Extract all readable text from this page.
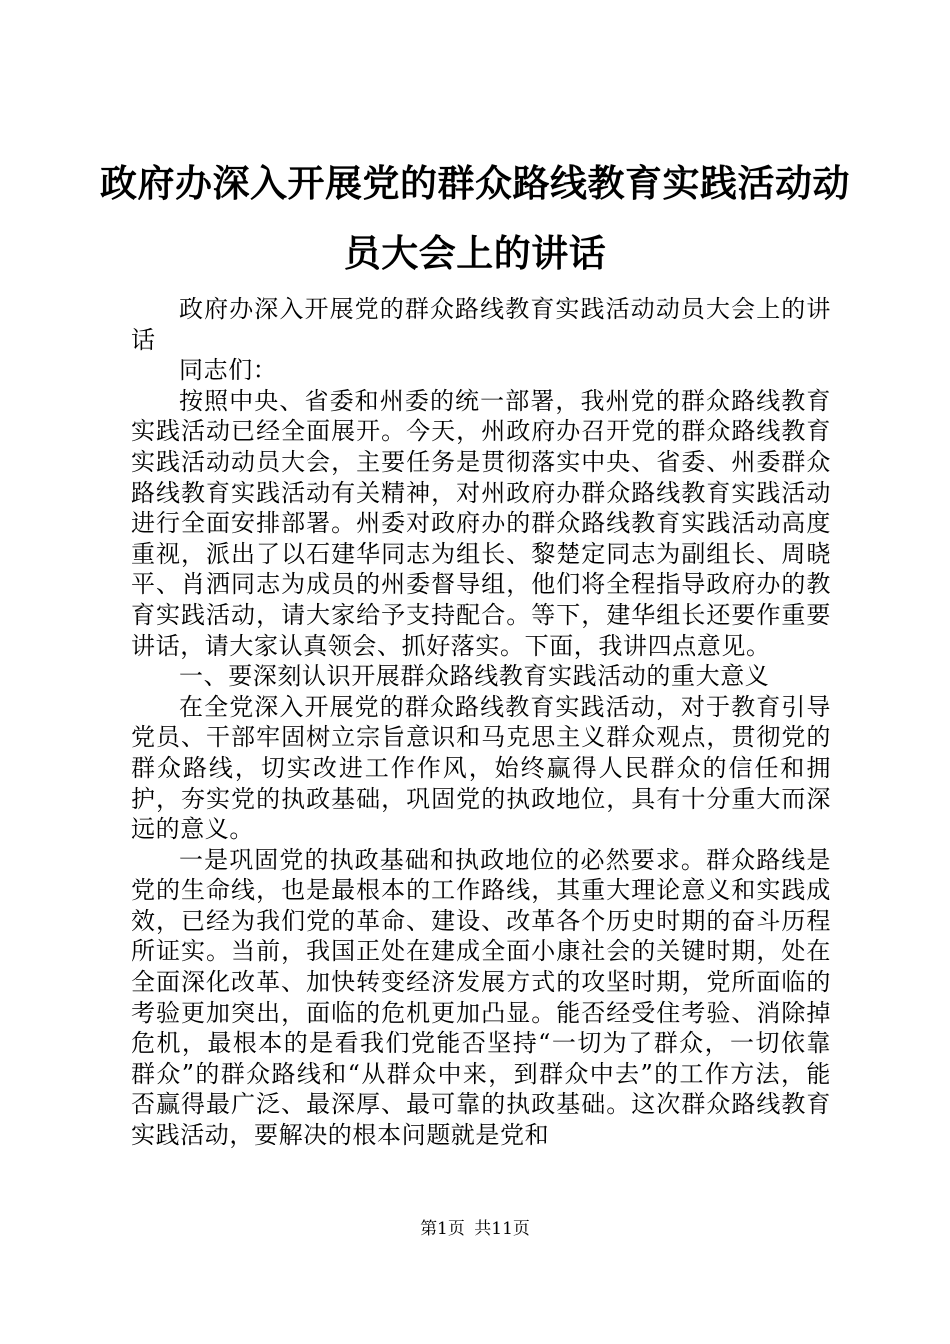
政府办深入开展党的群众路线教育实践活动动
员大会上的讲话

政府办深入开展党的群众路线教育实践活动动员大会上的讲话

同志们：

按照中央、省委和州委的统一部署，我州党的群众路线教育实践活动已经全面展开。今天，州政府办召开党的群众路线教育实践活动动员大会，主要任务是贯彻落实中央、省委、州委群众路线教育实践活动有关精神，对州政府办群众路线教育实践活动进行全面安排部署。州委对政府办的群众路线教育实践活动高度重视，派出了以石建华同志为组长、黎楚定同志为副组长、周晓平、肖洒同志为成员的州委督导组，他们将全程指导政府办的教育实践活动，请大家给予支持配合。等下，建华组长还要作重要讲话，请大家认真领会、抓好落实。下面，我讲四点意见。

一、要深刻认识开展群众路线教育实践活动的重大意义

在全党深入开展党的群众路线教育实践活动，对于教育引导党员、干部牢固树立宗旨意识和马克思主义群众观点，贯彻党的群众路线，切实改进工作作风，始终赢得人民群众的信任和拥护，夯实党的执政基础，巩固党的执政地位，具有十分重大而深远的意义。

一是巩固党的执政基础和执政地位的必然要求。群众路线是党的生命线，也是最根本的工作路线，其重大理论意义和实践成效，已经为我们党的革命、建设、改革各个历史时期的奋斗历程所证实。当前，我国正处在建成全面小康社会的关键时期，处在全面深化改革、加快转变经济发展方式的攻坚时期，党所面临的考验更加突出，面临的危机更加凸显。能否经受住考验、消除掉危机，最根本的是看我们党能否坚持“一切为了群众，一切依靠群众”的群众路线和“从群众中来，到群众中去”的工作方法，能否赢得最广泛、最深厚、最可靠的执政基础。这次群众路线教育实践活动，要解决的根本问题就是党和

第1页 共11页
